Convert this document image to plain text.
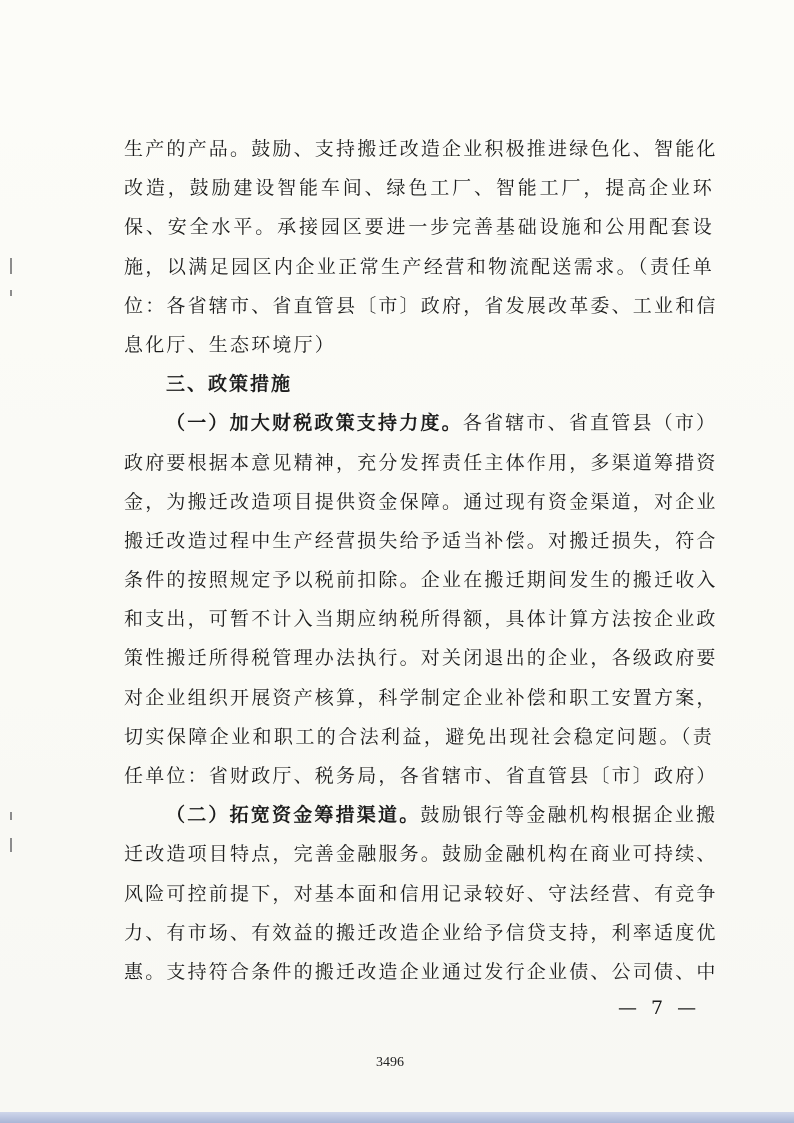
生产的产品。鼓励、支持搬迁改造企业积极推进绿色化、智能化
改造，鼓励建设智能车间、绿色工厂、智能工厂，提高企业环
保、安全水平。承接园区要进一步完善基础设施和公用配套设
施，以满足园区内企业正常生产经营和物流配送需求。（责任单
位：各省辖市、省直管县〔市〕政府，省发展改革委、工业和信
息化厅、生态环境厅）
三、政策措施
（一）加大财税政策支持力度。各省辖市、省直管县（市）
政府要根据本意见精神，充分发挥责任主体作用，多渠道筹措资
金，为搬迁改造项目提供资金保障。通过现有资金渠道，对企业
搬迁改造过程中生产经营损失给予适当补偿。对搬迁损失，符合
条件的按照规定予以税前扣除。企业在搬迁期间发生的搬迁收入
和支出，可暂不计入当期应纳税所得额，具体计算方法按企业政
策性搬迁所得税管理办法执行。对关闭退出的企业，各级政府要
对企业组织开展资产核算，科学制定企业补偿和职工安置方案，
切实保障企业和职工的合法利益，避免出现社会稳定问题。（责
任单位：省财政厅、税务局，各省辖市、省直管县〔市〕政府）
（二）拓宽资金筹措渠道。鼓励银行等金融机构根据企业搬
迁改造项目特点，完善金融服务。鼓励金融机构在商业可持续、
风险可控前提下，对基本面和信用记录较好、守法经营、有竞争
力、有市场、有效益的搬迁改造企业给予信贷支持，利率适度优
惠。支持符合条件的搬迁改造企业通过发行企业债、公司债、中
— 7 —
3496
